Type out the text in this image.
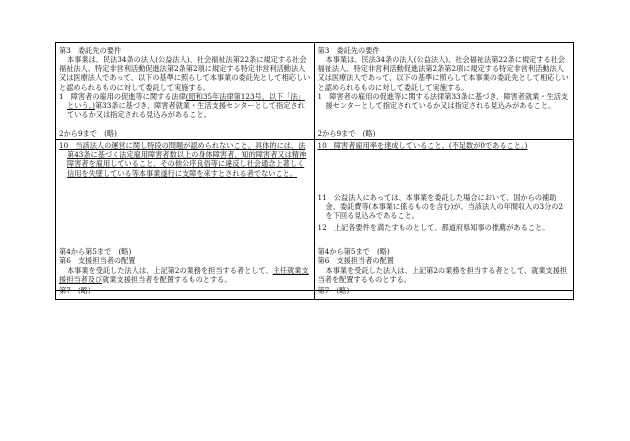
第3　委託先の要件
本事業は、民法34条の法人(公益法人)、社会福祉法第22条に規定する社会福祉法人、特定非営利活動促進法第2条第2項に規定する特定非営利活動法人又は医療法人であって、以下の基準に照らして本事業の委託先として相応しいと認められるものに対して委託して実施する。
1　障害者の雇用の促進等に関する法律(昭和35年法律第123号。以下「法」という。)第33条に基づき、障害者就業・生活支援センターとして指定されているか又は指定される見込みがあること。
2から9まで　(略)
10　当該法人の運営に関し特段の問題が認められないこと。具体的には、法第43条に基づく法定雇用障害者数以上の身体障害者、知的障害者又は精神障害者を雇用していること、その他公序良俗等に違反し社会通念上著しく信用を失墜している等本事業遂行に支障を来すとされる者でないこと。
第4から第5まで　(略)
第6　支援担当者の配置
本事業を受託した法人は、上記第2の業務を担当する者として、主任就業支援担当者及び就業支援担当者を配置するものとする。
第7　(略)
第3　委託先の要件
本事業は、民法34条の法人(公益法人)、社会福祉法第22条に規定する社会福祉法人、特定非営利活動促進法第2条第2項に規定する特定非営利活動法人又は医療法人であって、以下の基準に照らして本事業の委託先として相応しいと認められるものに対して委託して実施する。
1　障害者の雇用の促進等に関する法律第33条に基づき、障害者就業・生活支援センターとして指定されているか又は指定される見込みがあること。
2から9まで　(略)
10　障害者雇用率を達成していること。(不足数が0であること。)
11　公益法人にあっては、本事業を委託した場合において、国からの補助金、委託費等(本事業に係るものを含む)が、当該法人の年間収入の3分の2を下回る見込みであること。
12　上記各要件を満たすものとして、都道府県知事の推薦があること。
第4から第5まで　(略)
第6　支援担当者の配置
本事業を受託した法人は、上記第2の業務を担当する者として、就業支援担当者を配置するものとする。
第7　(略)
